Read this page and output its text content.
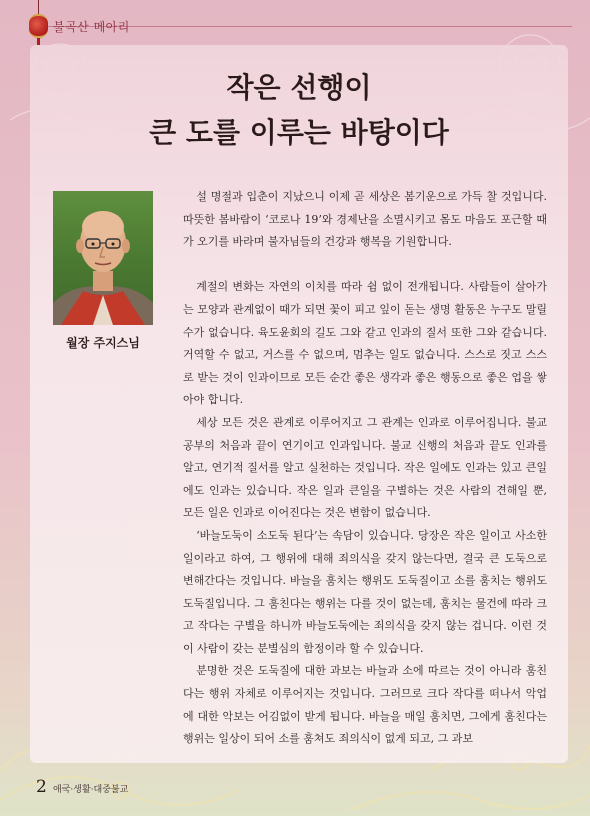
불곡산 메아리
작은 선행이
큰 도를 이루는 바탕이다
월장 주지스님

설 명절과 입춘이 지났으니 이제 곧 세상은 봄기운으로 가득 찰 것입니다. 따뜻한 봄바람이 ‘코로나 19’와 경제난을 소멸시키고 몸도 마음도 포근할 때가 오기를 바라며 불자님들의 건강과 행복을 기원합니다.

계절의 변화는 자연의 이치를 따라 쉼 없이 전개됩니다. 사람들이 살아가는 모양과 관계없이 때가 되면 꽃이 피고 잎이 돋는 생명 활동은 누구도 말릴 수가 없습니다. 육도윤회의 길도 그와 같고 인과의 질서 또한 그와 같습니다. 거역할 수 없고, 거스를 수 없으며, 멈추는 일도 없습니다. 스스로 짓고 스스로 받는 것이 인과이므로 모든 순간 좋은 생각과 좋은 행동으로 좋은 업을 쌓아야 합니다.

세상 모든 것은 관계로 이루어지고 그 관계는 인과로 이루어집니다. 불교 공부의 처음과 끝이 연기이고 인과입니다. 불교 신행의 처음과 끝도 인과를 알고, 연기적 질서를 알고 실천하는 것입니다. 작은 일에도 인과는 있고 큰일에도 인과는 있습니다. 작은 일과 큰일을 구별하는 것은 사람의 견해일 뿐, 모든 일은 인과로 이어진다는 것은 변함이 없습니다.

‘바늘도둑이 소도둑 된다’는 속담이 있습니다. 당장은 작은 일이고 사소한 일이라고 하여, 그 행위에 대해 죄의식을 갖지 않는다면, 결국 큰 도둑으로 변해간다는 것입니다. 바늘을 훔치는 행위도 도둑질이고 소를 훔치는 행위도 도둑질입니다. 그 훔친다는 행위는 다를 것이 없는데, 훔치는 물건에 따라 크고 작다는 구별을 하니까 바늘도둑에는 죄의식을 갖지 않는 겁니다. 이런 것이 사람이 갖는 분별심의 함정이라 할 수 있습니다.

분명한 것은 도둑질에 대한 과보는 바늘과 소에 따르는 것이 아니라 훔친다는 행위 자체로 이루어지는 것입니다. 그러므로 크다 작다를 떠나서 악업에 대한 악보는 어김없이 받게 됩니다. 바늘을 매일 훔치면, 그에게 훔친다는 행위는 일상이 되어 소를 훔쳐도 죄의식이 없게 되고, 그 과보

2 애국·생활·대중불교
